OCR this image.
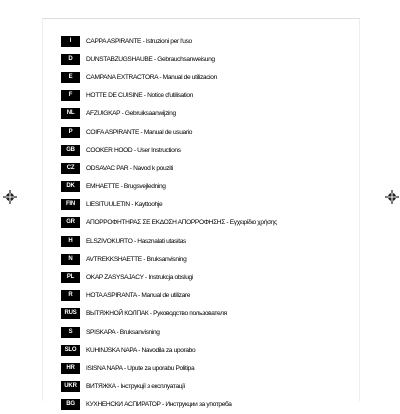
I	CAPPA ASPIRANTE - Istruzioni per l'uso
D	DUNSTABZUGSHAUBE - Gebrauchsanweisung
E	CAMPANA EXTRACTORA - Manual de utilizacion
F	HOTTE DE CUISINE - Notice d'utilisation
NL	AFZUIGKAP - Gebruiksaanwijzing
P	COIFA ASPIRANTE - Manual de usuario
GB	COOKER HOOD - User Instructions
CZ	ODSAVAC PAR - Navod k pouziti
DK	EMHAETTE - Brugsvejledning
FIN	LIESITUULETIN - Kayttoohje
GR	ΑΠΟΡΡΟΦΗΤΗΡΑΣ ΣΕ ΕΚΔΟΣΗ ΑΠΟΡΡΟΦΗΣΗΣ - Εγχειρίδιο χρήσης
H	ELSZIVOKURTO - Hasznalati utasitas
N	AVTREKKSHAETTE - Bruksanvisning
PL	OKAP ZASYSAJACY - Instrukcja obslugi
R	HOTA ASPIRANTA - Manual de utilizare
RUS	ВЫТЯЖНОЙ КОЛПАК - Руководство пользователя
S	SPISKAPA - Bruksanvisning
SLO	KUHINJSKA NAPA - Navodila za uporabo
HR	ISISNA NAPA - Upute za uporabu Politipa
UKR	ВИТЯЖКА - Інструкції з експлуатації
BG	КУХНЕНСКИ АСПИРАТОР - Инструкции за употреба
